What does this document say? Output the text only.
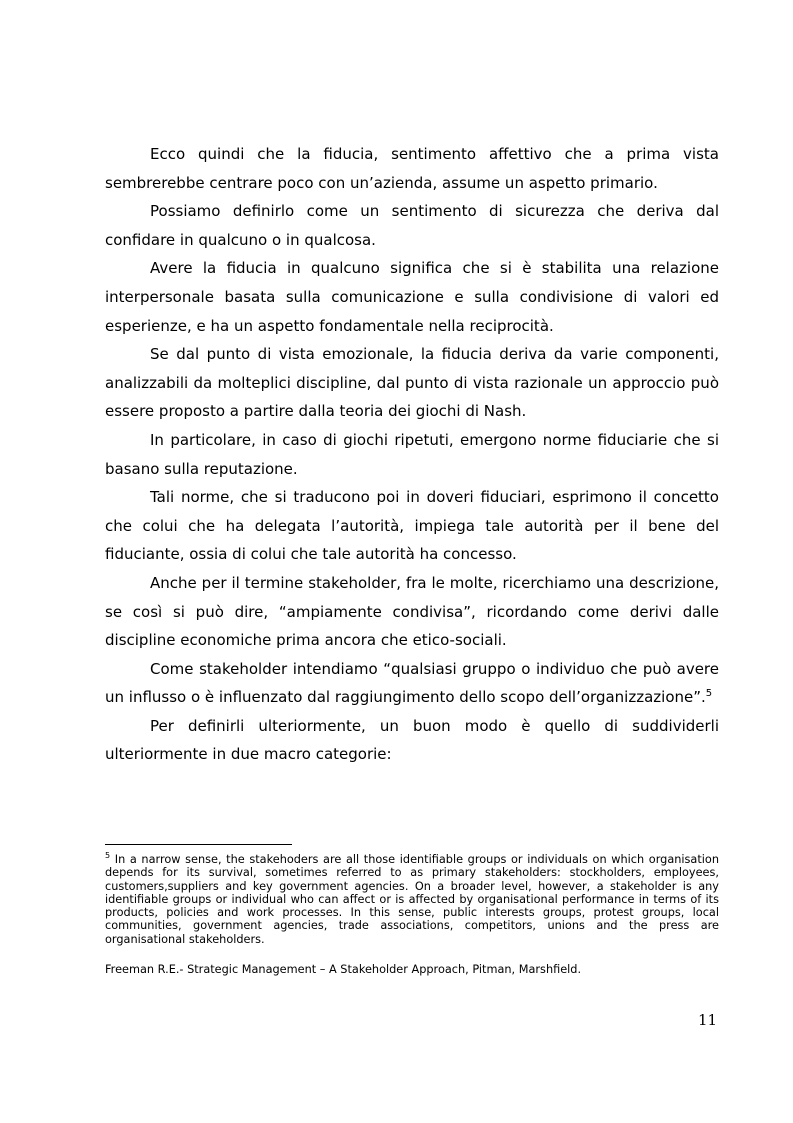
Ecco quindi che la fiducia, sentimento affettivo che a prima vista sembrerebbe centrare poco con un’azienda, assume un aspetto primario.

Possiamo definirlo come un sentimento di sicurezza che deriva dal confidare in qualcuno o in qualcosa.

Avere la fiducia in qualcuno significa che si è stabilita una relazione interpersonale basata sulla comunicazione e sulla condivisione di valori ed esperienze, e ha un aspetto fondamentale nella reciprocità.

Se dal punto di vista emozionale, la fiducia deriva da varie componenti, analizzabili da molteplici discipline, dal punto di vista razionale un approccio può essere proposto a partire dalla teoria dei giochi di Nash.

In particolare, in caso di giochi ripetuti, emergono norme fiduciarie che si basano sulla reputazione.

Tali norme, che si traducono poi in doveri fiduciari, esprimono il concetto che colui che ha delegata l’autorità, impiega tale autorità per il bene del fiduciante, ossia di colui che tale autorità ha concesso.

Anche per il termine stakeholder, fra le molte, ricerchiamo una descrizione, se così si può dire, “ampiamente condivisa”, ricordando come derivi dalle discipline economiche prima ancora che etico-sociali.

Come stakeholder intendiamo “qualsiasi gruppo o individuo che può avere un influsso o è influenzato dal raggiungimento dello scopo dell’organizzazione”.$^5$

Per definirli ulteriormente, un buon modo è quello di suddividerli ulteriormente in due macro categorie:

$^5$ In a narrow sense, the stakehoders are all those identifiable groups or individuals on which organisation depends for its survival, sometimes referred to as primary stakeholders: stockholders, employees, customers,suppliers and key government agencies. On a broader level, however, a stakeholder is any identifiable groups or individual who can affect or is affected by organisational performance in terms of its products, policies and work processes. In this sense, public interests groups, protest groups, local communities, government agencies, trade associations, competitors, unions and the press are organisational stakeholders.

Freeman R.E.- Strategic Management – A Stakeholder Approach, Pitman, Marshfield.
11
